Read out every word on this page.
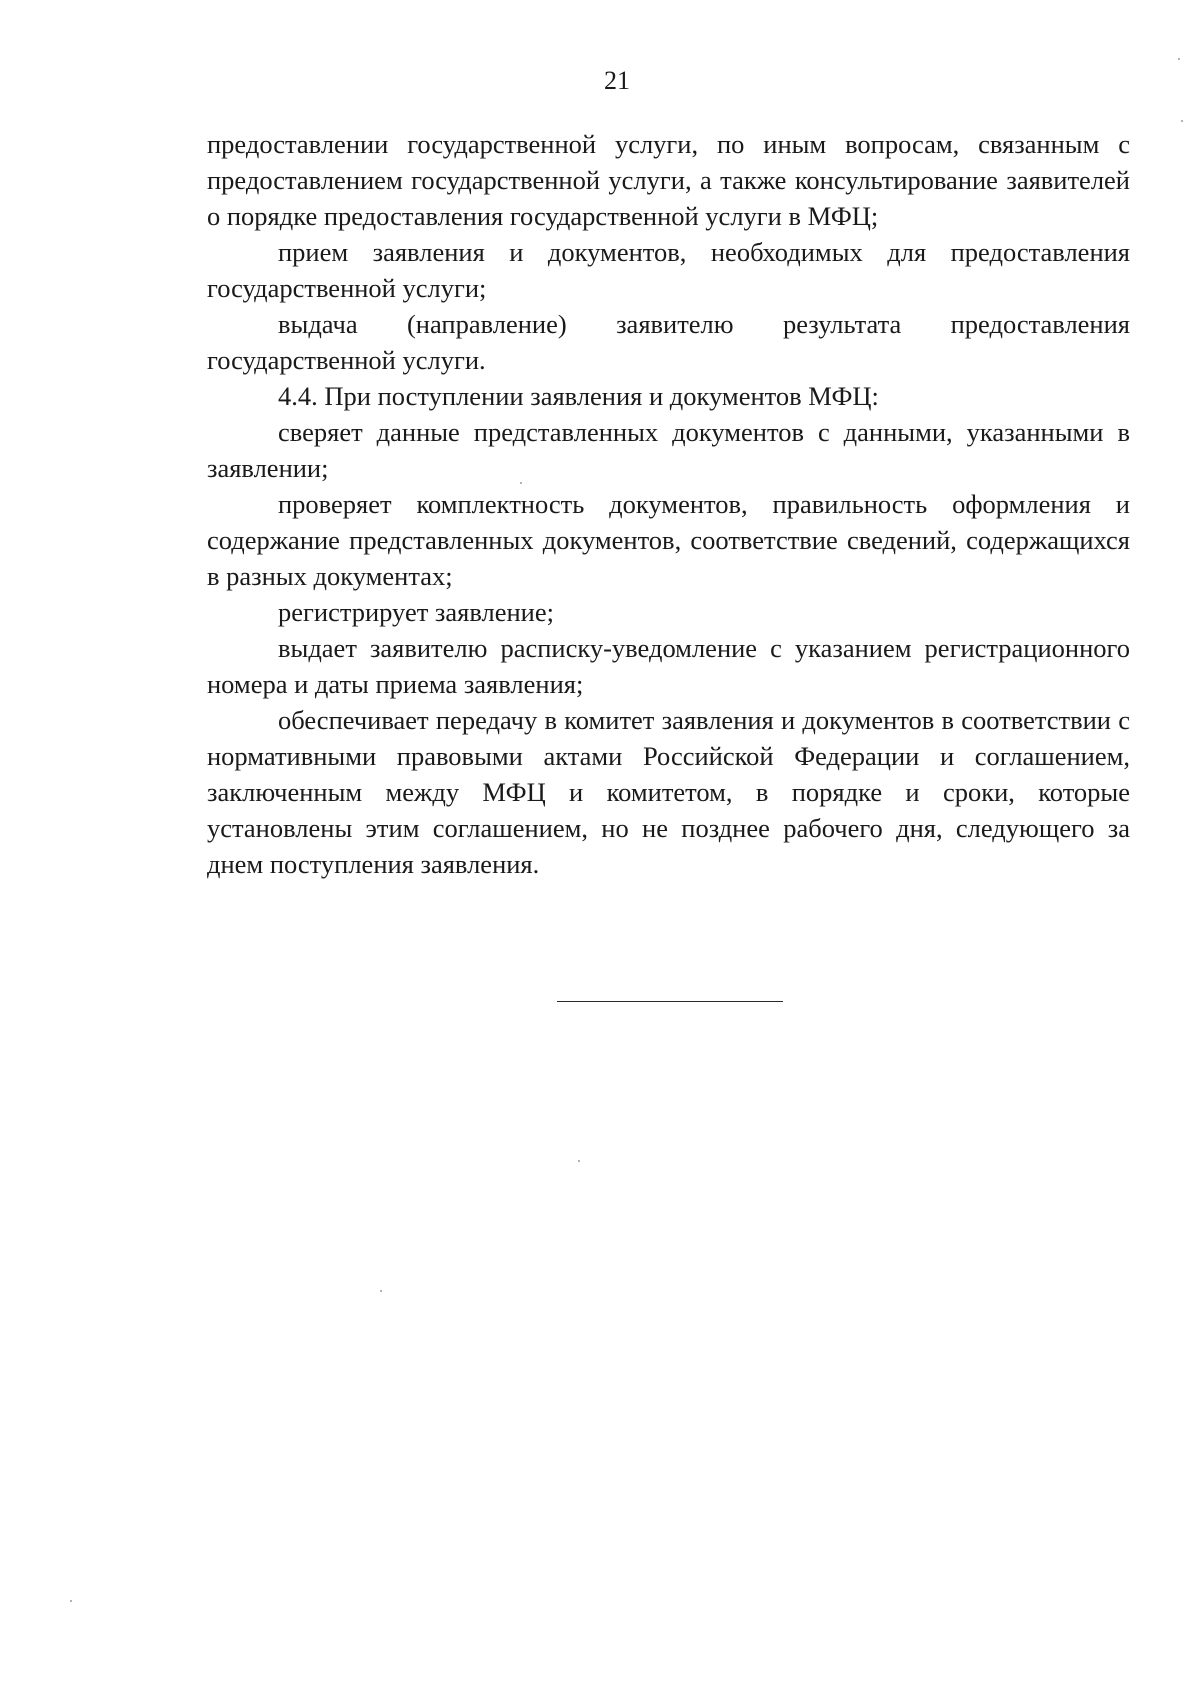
21

предоставлении государственной услуги, по иным вопросам, связанным с предоставлением государственной услуги, а также консультирование заявителей о порядке предоставления государственной услуги в МФЦ;

прием заявления и документов, необходимых для предоставления государственной услуги;

выдача (направление) заявителю результата предоставления государственной услуги.

4.4. При поступлении заявления и документов МФЦ:

сверяет данные представленных документов с данными, указанными в заявлении;

проверяет комплектность документов, правильность оформления и содержание представленных документов, соответствие сведений, содержащихся в разных документах;

регистрирует заявление;

выдает заявителю расписку-уведомление с указанием регистрационного номера и даты приема заявления;

обеспечивает передачу в комитет заявления и документов в соответствии с нормативными правовыми актами Российской Федерации и соглашением, заключенным между МФЦ и комитетом, в порядке и сроки, которые установлены этим соглашением, но не позднее рабочего дня, следующего за днем поступления заявления.
